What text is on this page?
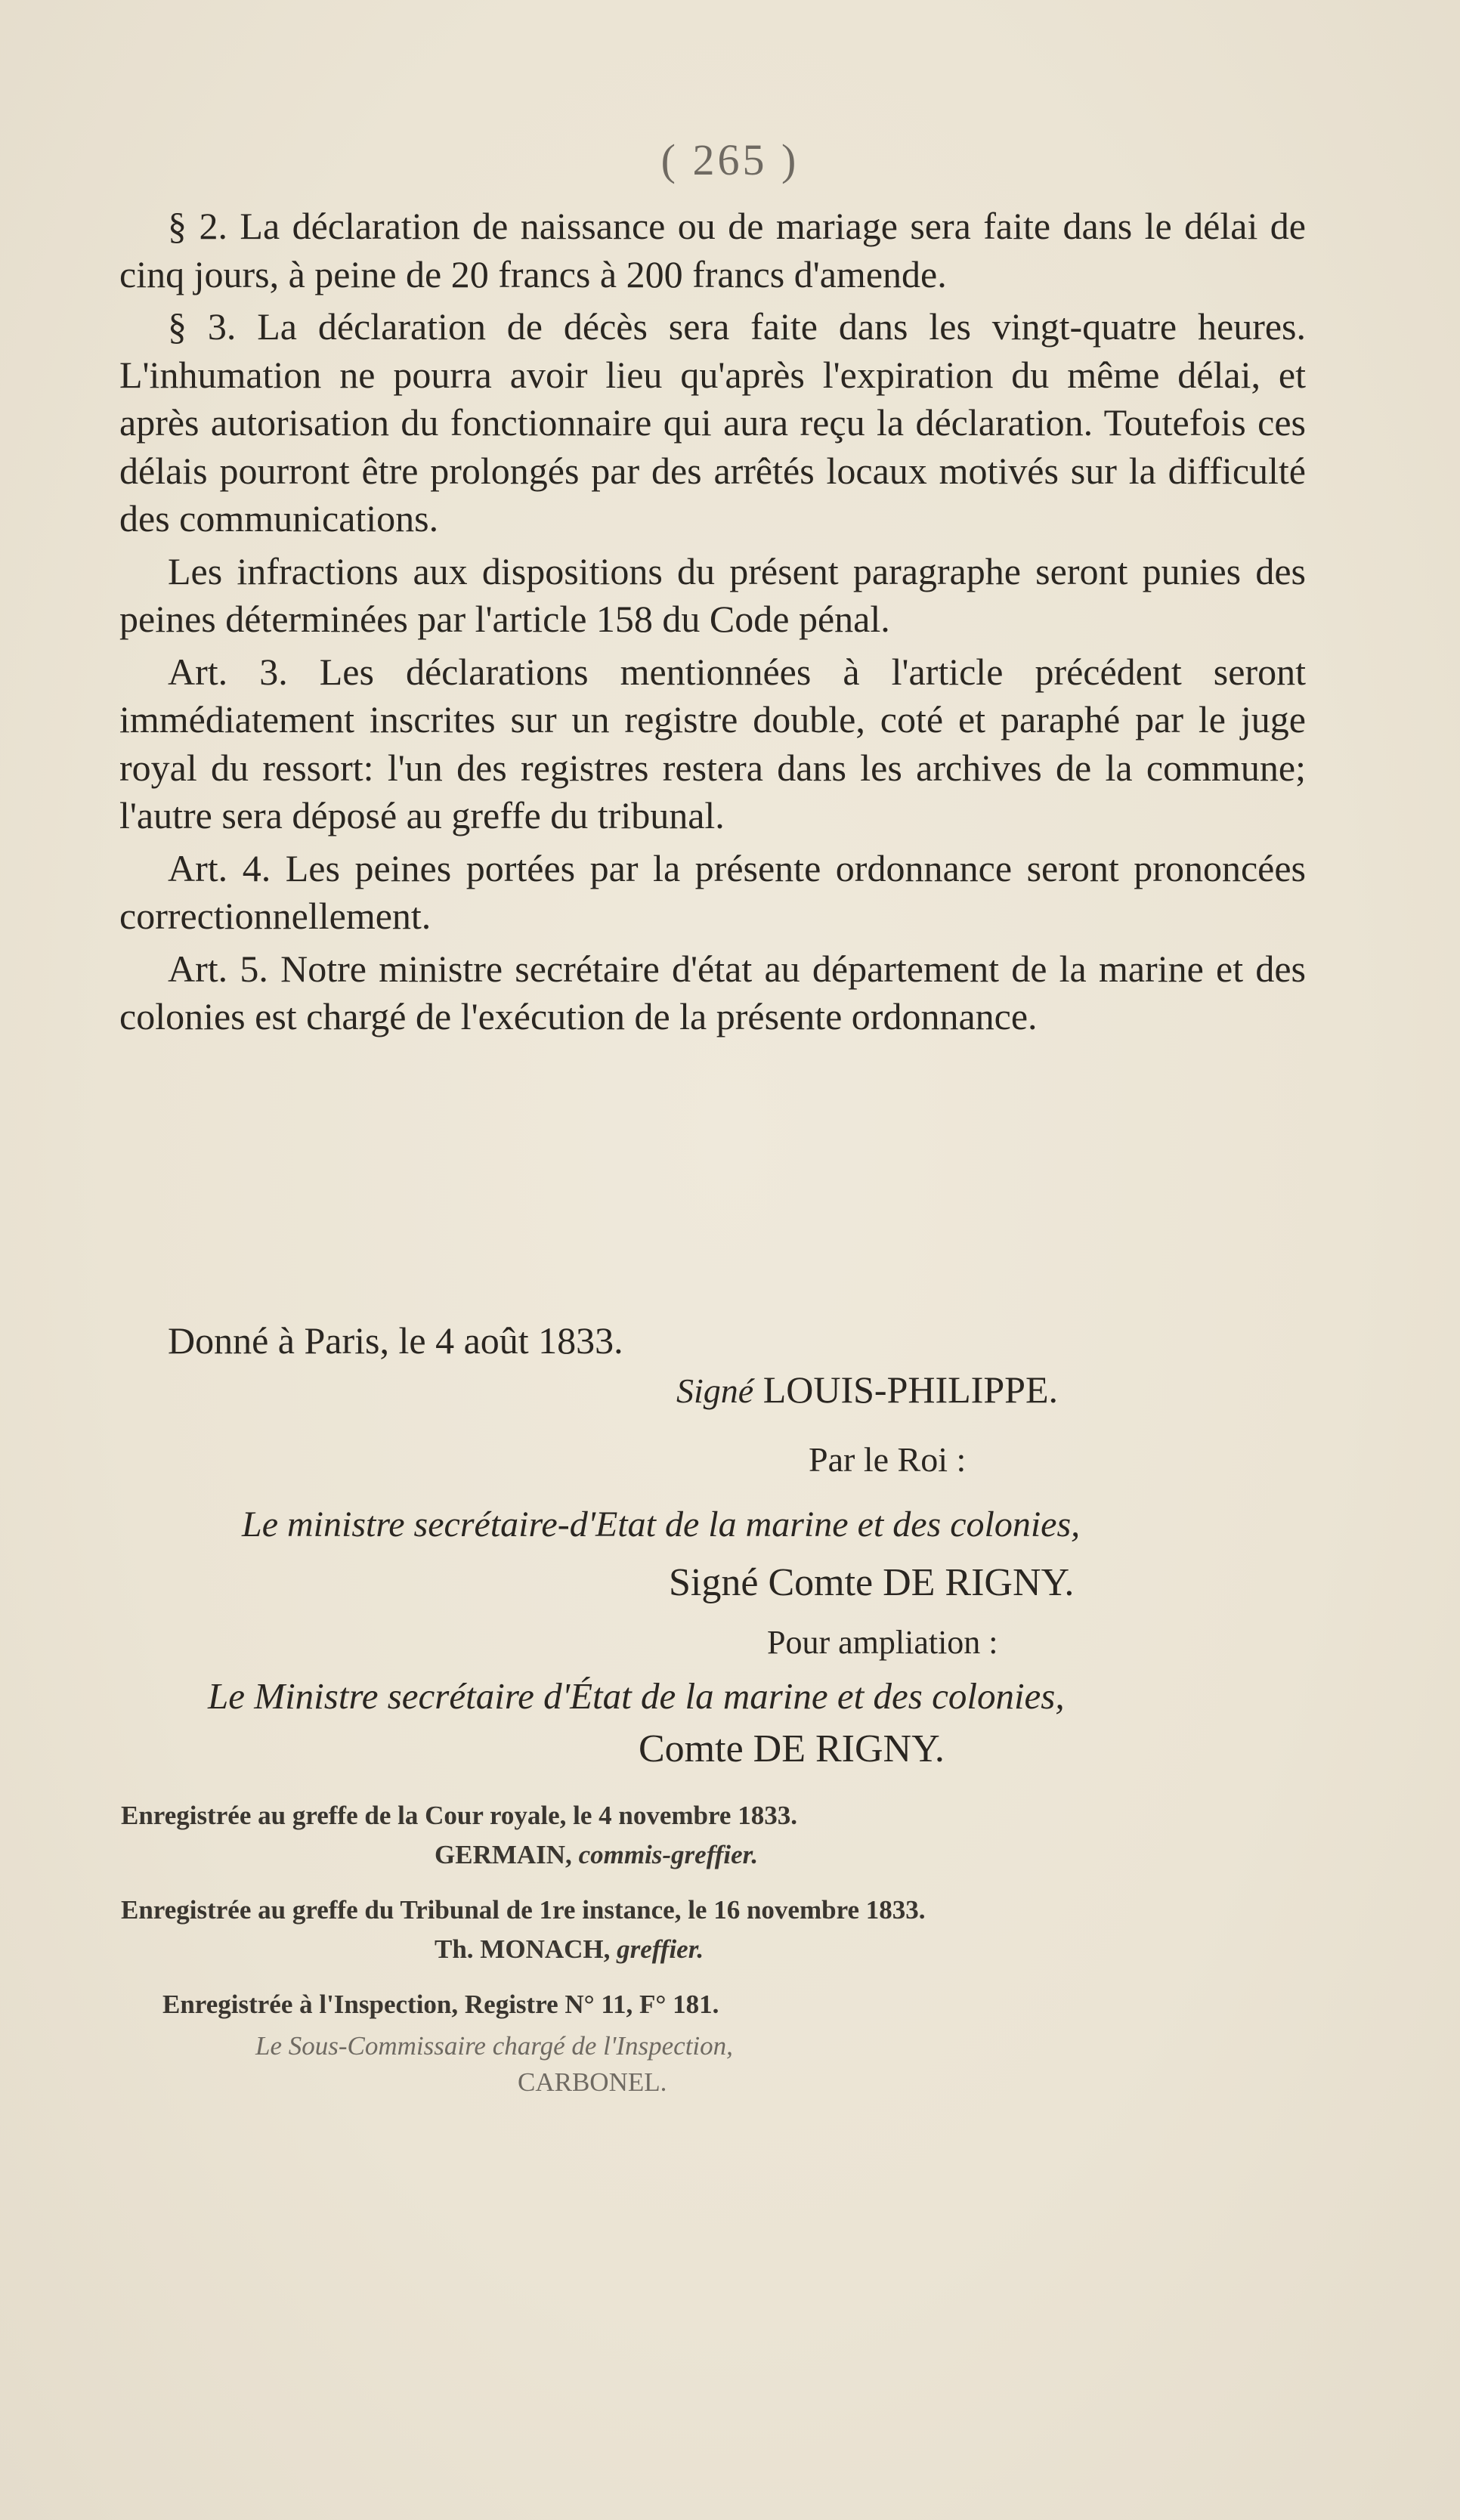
( 265 )

§ 2. La déclaration de naissance ou de mariage sera faite dans le délai de cinq jours, à peine de 20 francs à 200 francs d'amende.

§ 3. La déclaration de décès sera faite dans les vingt-quatre heures. L'inhumation ne pourra avoir lieu qu'après l'expiration du même délai, et après autorisation du fonctionnaire qui aura reçu la déclaration. Toutefois ces délais pourront être prolongés par des arrêtés locaux motivés sur la difficulté des communications.

Les infractions aux dispositions du présent paragraphe seront punies des peines déterminées par l'article 158 du Code pénal.

Art. 3. Les déclarations mentionnées à l'article précédent seront immédiatement inscrites sur un registre double, coté et paraphé par le juge royal du ressort: l'un des registres restera dans les archives de la commune; l'autre sera déposé au greffe du tribunal.

Art. 4. Les peines portées par la présente ordonnance seront prononcées correctionnellement.

Art. 5. Notre ministre secrétaire d'état au département de la marine et des colonies est chargé de l'exécution de la présente ordonnance.

Donné à Paris, le 4 août 1833.
Signé LOUIS-PHILIPPE.
Par le Roi :
Le ministre secrétaire-d'Etat de la marine et des colonies,
Signé Comte DE RIGNY.
Pour ampliation :
Le Ministre secrétaire d'État de la marine et des colonies,
Comte DE RIGNY.
Enregistrée au greffe de la Cour royale, le 4 novembre 1833.
GERMAIN, commis-greffier.
Enregistrée au greffe du Tribunal de 1re instance, le 16 novembre 1833.
Th. MONACH, greffier.
Enregistrée à l'Inspection, Registre N° 11, F° 181.
Le Sous-Commissaire chargé de l'Inspection,
CARBONEL.
